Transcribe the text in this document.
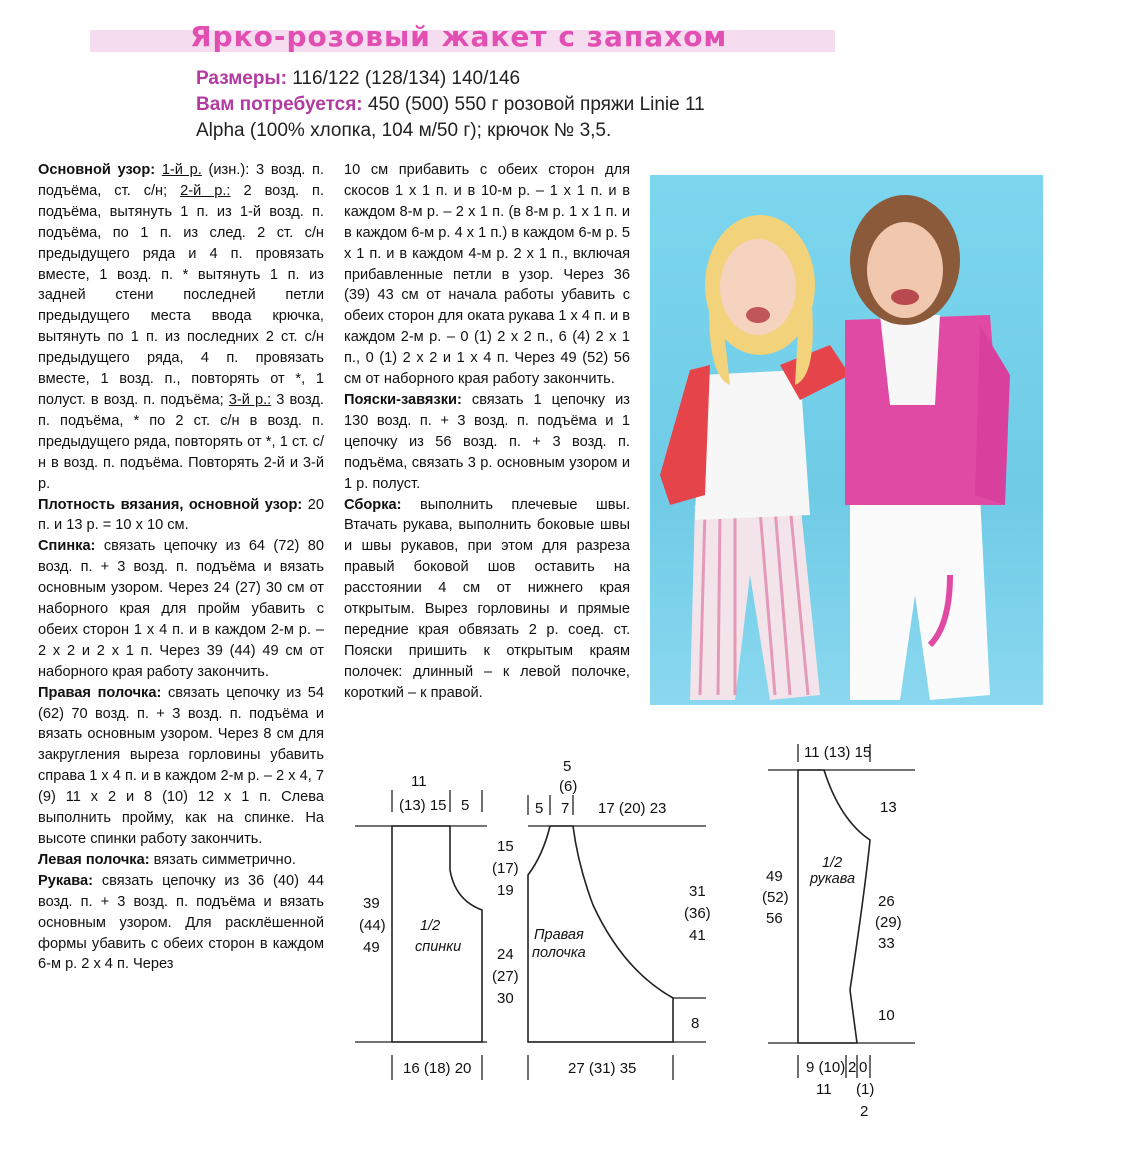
Ярко-розовый жакет с запахом
Размеры: 116/122 (128/134) 140/146
Вам потребуется: 450 (500) 550 г розовой пряжи Linie 11
Alpha (100% хлопка, 104 м/50 г); крючок № 3,5.

Основной узор: 1-й р. (изн.): 3 возд. п. подъёма, ст. с/н; 2-й р.: 2 возд. п. подъёма, вытянуть 1 п. из 1-й возд. п. подъёма, по 1 п. из след. 2 ст. с/н предыдущего ряда и 4 п. провязать вместе, 1 возд. п. * вытянуть 1 п. из задней стени последней петли предыдущего места ввода крючка, вытянуть по 1 п. из последних 2 ст. с/н предыдущего ряда, 4 п. провязать вместе, 1 возд. п., повторять от *, 1 полуст. в возд. п. подъёма; 3-й р.: 3 возд. п. подъёма, * по 2 ст. с/н в возд. п. предыдущего ряда, повторять от *, 1 ст. с/н в возд. п. подъёма. Повторять 2-й и 3-й р.

Плотность вязания, основной узор: 20 п. и 13 р. = 10 х 10 см.

Спинка: связать цепочку из 64 (72) 80 возд. п. + 3 возд. п. подъёма и вязать основным узором. Через 24 (27) 30 см от наборного края для пройм убавить с обеих сторон 1 х 4 п. и в каждом 2-м р. – 2 х 2 и 2 х 1 п. Через 39 (44) 49 см от наборного края работу закончить.

Правая полочка: связать цепочку из 54 (62) 70 возд. п. + 3 возд. п. подъёма и вязать основным узором. Через 8 см для закругления выреза горловины убавить справа 1 х 4 п. и в каждом 2-м р. – 2 х 4, 7 (9) 11 х 2 и 8 (10) 12 х 1 п. Слева выполнить пройму, как на спинке. На высоте спинки работу закончить.

Левая полочка: вязать симметрично.

Рукава: связать цепочку из 36 (40) 44 возд. п. + 3 возд. п. подъёма и вязать основным узором. Для расклёшенной формы убавить с обеих сторон в каждом 6-м р. 2 х 4 п. Через

10 см прибавить с обеих сторон для скосов 1 х 1 п. и в 10-м р. – 1 х 1 п. и в каждом 8-м р. – 2 х 1 п. (в 8-м р. 1 х 1 п. и в каждом 6-м р. 4 х 1 п.) в каждом 6-м р. 5 х 1 п. и в каждом 4-м р. 2 х 1 п., включая прибавленные петли в узор. Через 36 (39) 43 см от начала работы убавить с обеих сторон для оката рукава 1 х 4 п. и в каждом 2-м р. – 0 (1) 2 х 2 п., 6 (4) 2 х 1 п., 0 (1) 2 х 2 и 1 х 4 п. Через 49 (52) 56 см от наборного края работу закончить.

Пояски-завязки: связать 1 цепочку из 130 возд. п. + 3 возд. п. подъёма и 1 цепочку из 56 возд. п. + 3 возд. п. подъёма, связать 3 р. основным узором и 1 р. полуст.

Сборка: выполнить плечевые швы. Втачать рукава, выполнить боковые швы и швы рукавов, при этом для разреза правый боковой шов оставить на расстоянии 4 см от нижнего края открытым. Вырез горловины и прямые передние края обвязать 2 р. соед. ст. Пояски пришить к открытым краям полочек: длинный – к левой полочке, короткий – к правой.

11
(13) 15 5
39
(44)
49
1/2
спинки
16 (18) 20
15
(17)
19
24
(27)
30
5
(6)
5 7 17 (20) 23
Правая
полочка
31
(36)
41
8
27 (31) 35
11 (13) 15
13
1/2
рукава
49
(52)
56
26
(29)
33
10
9 (10)
11
2 0
(1)
2
